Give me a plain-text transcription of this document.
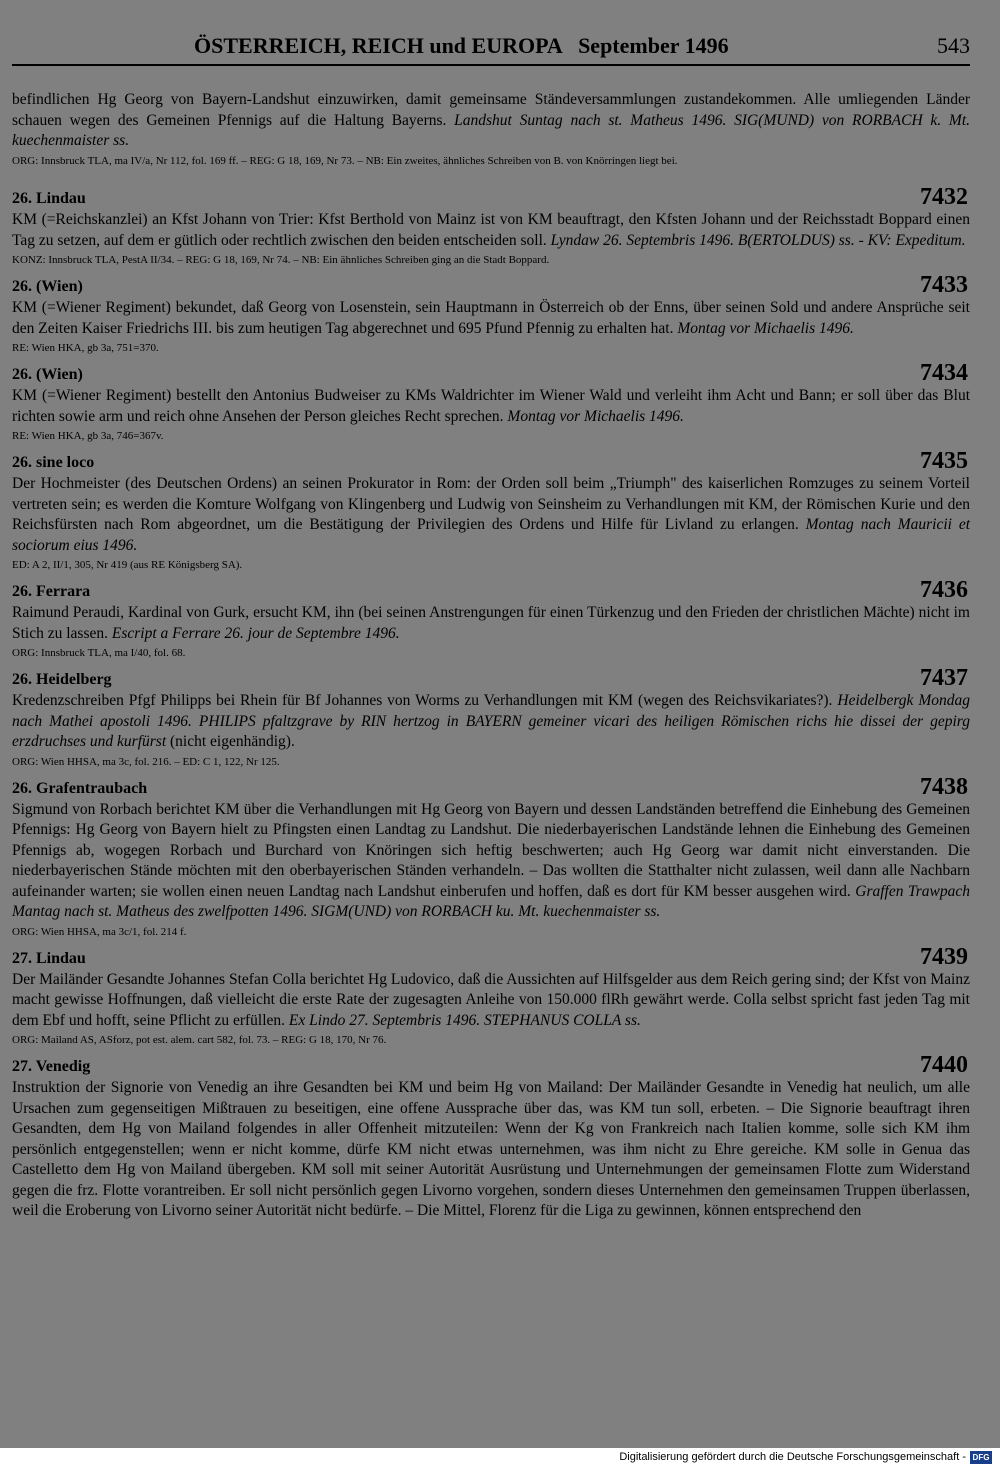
ÖSTERREICH, REICH und EUROPA   September 1496	543

befindlichen Hg Georg von Bayern-Landshut einzuwirken, damit gemeinsame Ständeversammlungen zustandekommen. Alle umliegenden Länder schauen wegen des Gemeinen Pfennigs auf die Haltung Bayerns. Landshut Suntag nach st. Matheus 1496. SIG(MUND) von RORBACH k. Mt. kuechenmaister ss.

ORG: Innsbruck TLA, ma IV/a, Nr 112, fol. 169 ff. – REG: G 18, 169, Nr 73. – NB: Ein zweites, ähnliches Schreiben von B. von Knörringen liegt bei.
26. Lindau	7432

KM (=Reichskanzlei) an Kfst Johann von Trier: Kfst Berthold von Mainz ist von KM beauftragt, den Kfsten Johann und der Reichsstadt Boppard einen Tag zu setzen, auf dem er gütlich oder rechtlich zwischen den beiden entscheiden soll. Lyndaw 26. Septembris 1496. B(ERTOLDUS) ss. - KV: Expeditum.

KONZ: Innsbruck TLA, PestA II/34. – REG: G 18, 169, Nr 74. – NB: Ein ähnliches Schreiben ging an die Stadt Boppard.
26. (Wien)	7433

KM (=Wiener Regiment) bekundet, daß Georg von Losenstein, sein Hauptmann in Österreich ob der Enns, über seinen Sold und andere Ansprüche seit den Zeiten Kaiser Friedrichs III. bis zum heutigen Tag abgerechnet und 695 Pfund Pfennig zu erhalten hat. Montag vor Michaelis 1496.

RE: Wien HKA, gb 3a, 751=370.
26. (Wien)	7434

KM (=Wiener Regiment) bestellt den Antonius Budweiser zu KMs Waldrichter im Wiener Wald und verleiht ihm Acht und Bann; er soll über das Blut richten sowie arm und reich ohne Ansehen der Person gleiches Recht sprechen. Montag vor Michaelis 1496.

RE: Wien HKA, gb 3a, 746=367v.
26. sine loco	7435

Der Hochmeister (des Deutschen Ordens) an seinen Prokurator in Rom: der Orden soll beim „Triumph" des kaiserlichen Romzuges zu seinem Vorteil vertreten sein; es werden die Komture Wolfgang von Klingenberg und Ludwig von Seinsheim zu Verhandlungen mit KM, der Römischen Kurie und den Reichsfürsten nach Rom abgeordnet, um die Bestätigung der Privilegien des Ordens und Hilfe für Livland zu erlangen. Montag nach Mauricii et sociorum eius 1496.

ED: A 2, II/1, 305, Nr 419 (aus RE Königsberg SA).
26. Ferrara	7436

Raimund Peraudi, Kardinal von Gurk, ersucht KM, ihn (bei seinen Anstrengungen für einen Türkenzug und den Frieden der christlichen Mächte) nicht im Stich zu lassen. Escript a Ferrare 26. jour de Septembre 1496.

ORG: Innsbruck TLA, ma I/40, fol. 68.
26. Heidelberg	7437

Kredenzschreiben Pfgf Philipps bei Rhein für Bf Johannes von Worms zu Verhandlungen mit KM (wegen des Reichsvikariates?). Heidelbergk Mondag nach Mathei apostoli 1496. PHILIPS pfaltzgrave by RIN hertzog in BAYERN gemeiner vicari des heiligen Römischen richs hie dissei der gepirg erzdruchses und kurfürst (nicht eigenhändig).

ORG: Wien HHSA, ma 3c, fol. 216. – ED: C 1, 122, Nr 125.
26. Grafentraubach	7438

Sigmund von Rorbach berichtet KM über die Verhandlungen mit Hg Georg von Bayern und dessen Landständen betreffend die Einhebung des Gemeinen Pfennigs: Hg Georg von Bayern hielt zu Pfingsten einen Landtag zu Landshut. Die niederbayerischen Landstände lehnen die Einhebung des Gemeinen Pfennigs ab, wogegen Rorbach und Burchard von Knöringen sich heftig beschwerten; auch Hg Georg war damit nicht einverstanden. Die niederbayerischen Stände möchten mit den oberbayerischen Ständen verhandeln. – Das wollten die Statthalter nicht zulassen, weil dann alle Nachbarn aufeinander warten; sie wollen einen neuen Landtag nach Landshut einberufen und hoffen, daß es dort für KM besser ausgehen wird. Graffen Trawpach Mantag nach st. Matheus des zwelfpotten 1496. SIGM(UND) von RORBACH ku. Mt. kuechenmaister ss.

ORG: Wien HHSA, ma 3c/1, fol. 214 f.
27. Lindau	7439

Der Mailänder Gesandte Johannes Stefan Colla berichtet Hg Ludovico, daß die Aussichten auf Hilfsgelder aus dem Reich gering sind; der Kfst von Mainz macht gewisse Hoffnungen, daß vielleicht die erste Rate der zugesagten Anleihe von 150.000 flRh gewährt werde. Colla selbst spricht fast jeden Tag mit dem Ebf und hofft, seine Pflicht zu erfüllen. Ex Lindo 27. Septembris 1496. STEPHANUS COLLA ss.

ORG: Mailand AS, ASforz, pot est. alem. cart 582, fol. 73. – REG: G 18, 170, Nr 76.
27. Venedig	7440

Instruktion der Signorie von Venedig an ihre Gesandten bei KM und beim Hg von Mailand: Der Mailänder Gesandte in Venedig hat neulich, um alle Ursachen zum gegenseitigen Mißtrauen zu beseitigen, eine offene Aussprache über das, was KM tun soll, erbeten. – Die Signorie beauftragt ihren Gesandten, dem Hg von Mailand folgendes in aller Offenheit mitzuteilen: Wenn der Kg von Frankreich nach Italien komme, solle sich KM ihm persönlich entgegenstellen; wenn er nicht komme, dürfe KM nicht etwas unternehmen, was ihm nicht zu Ehre gereiche. KM solle in Genua das Castelletto dem Hg von Mailand übergeben. KM soll mit seiner Autorität Ausrüstung und Unternehmungen der gemeinsamen Flotte zum Widerstand gegen die frz. Flotte vorantreiben. Er soll nicht persönlich gegen Livorno vorgehen, sondern dieses Unternehmen den gemeinsamen Truppen überlassen, weil die Eroberung von Livorno seiner Autorität nicht bedürfe. – Die Mittel, Florenz für die Liga zu gewinnen, können entsprechend den

Digitalisierung gefördert durch die Deutsche Forschungsgemeinschaft - DFG
